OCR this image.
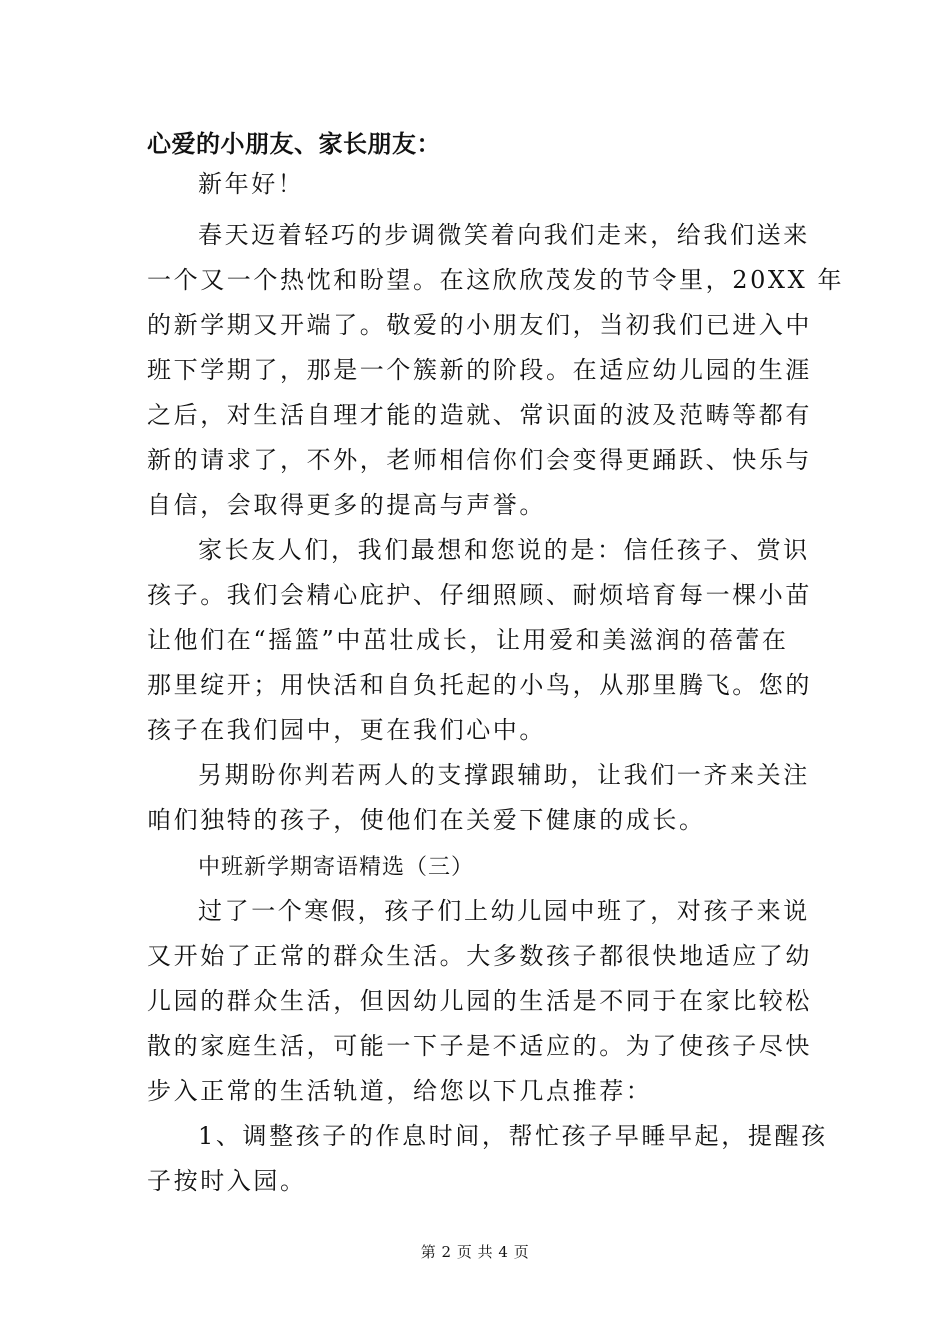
心爱的小朋友、家长朋友：
新年好！
春天迈着轻巧的步调微笑着向我们走来，给我们送来
一个又一个热忱和盼望。在这欣欣茂发的节令里，20XX 年
的新学期又开端了。敬爱的小朋友们，当初我们已进入中
班下学期了，那是一个簇新的阶段。在适应幼儿园的生涯
之后，对生活自理才能的造就、常识面的波及范畴等都有
新的请求了，不外，老师相信你们会变得更踊跃、快乐与
自信，会取得更多的提高与声誉。
家长友人们，我们最想和您说的是：信任孩子、赏识
孩子。我们会精心庇护、仔细照顾、耐烦培育每一棵小苗
让他们在“摇篮”中茁壮成长，让用爱和美滋润的蓓蕾在
那里绽开；用快活和自负托起的小鸟，从那里腾飞。您的
孩子在我们园中，更在我们心中。
另期盼你判若两人的支撑跟辅助，让我们一齐来关注
咱们独特的孩子，使他们在关爱下健康的成长。
中班新学期寄语精选（三）
过了一个寒假，孩子们上幼儿园中班了，对孩子来说
又开始了正常的群众生活。大多数孩子都很快地适应了幼
儿园的群众生活，但因幼儿园的生活是不同于在家比较松
散的家庭生活，可能一下子是不适应的。为了使孩子尽快
步入正常的生活轨道，给您以下几点推荐：
1、调整孩子的作息时间，帮忙孩子早睡早起，提醒孩
子按时入园。
第 2 页 共 4 页
